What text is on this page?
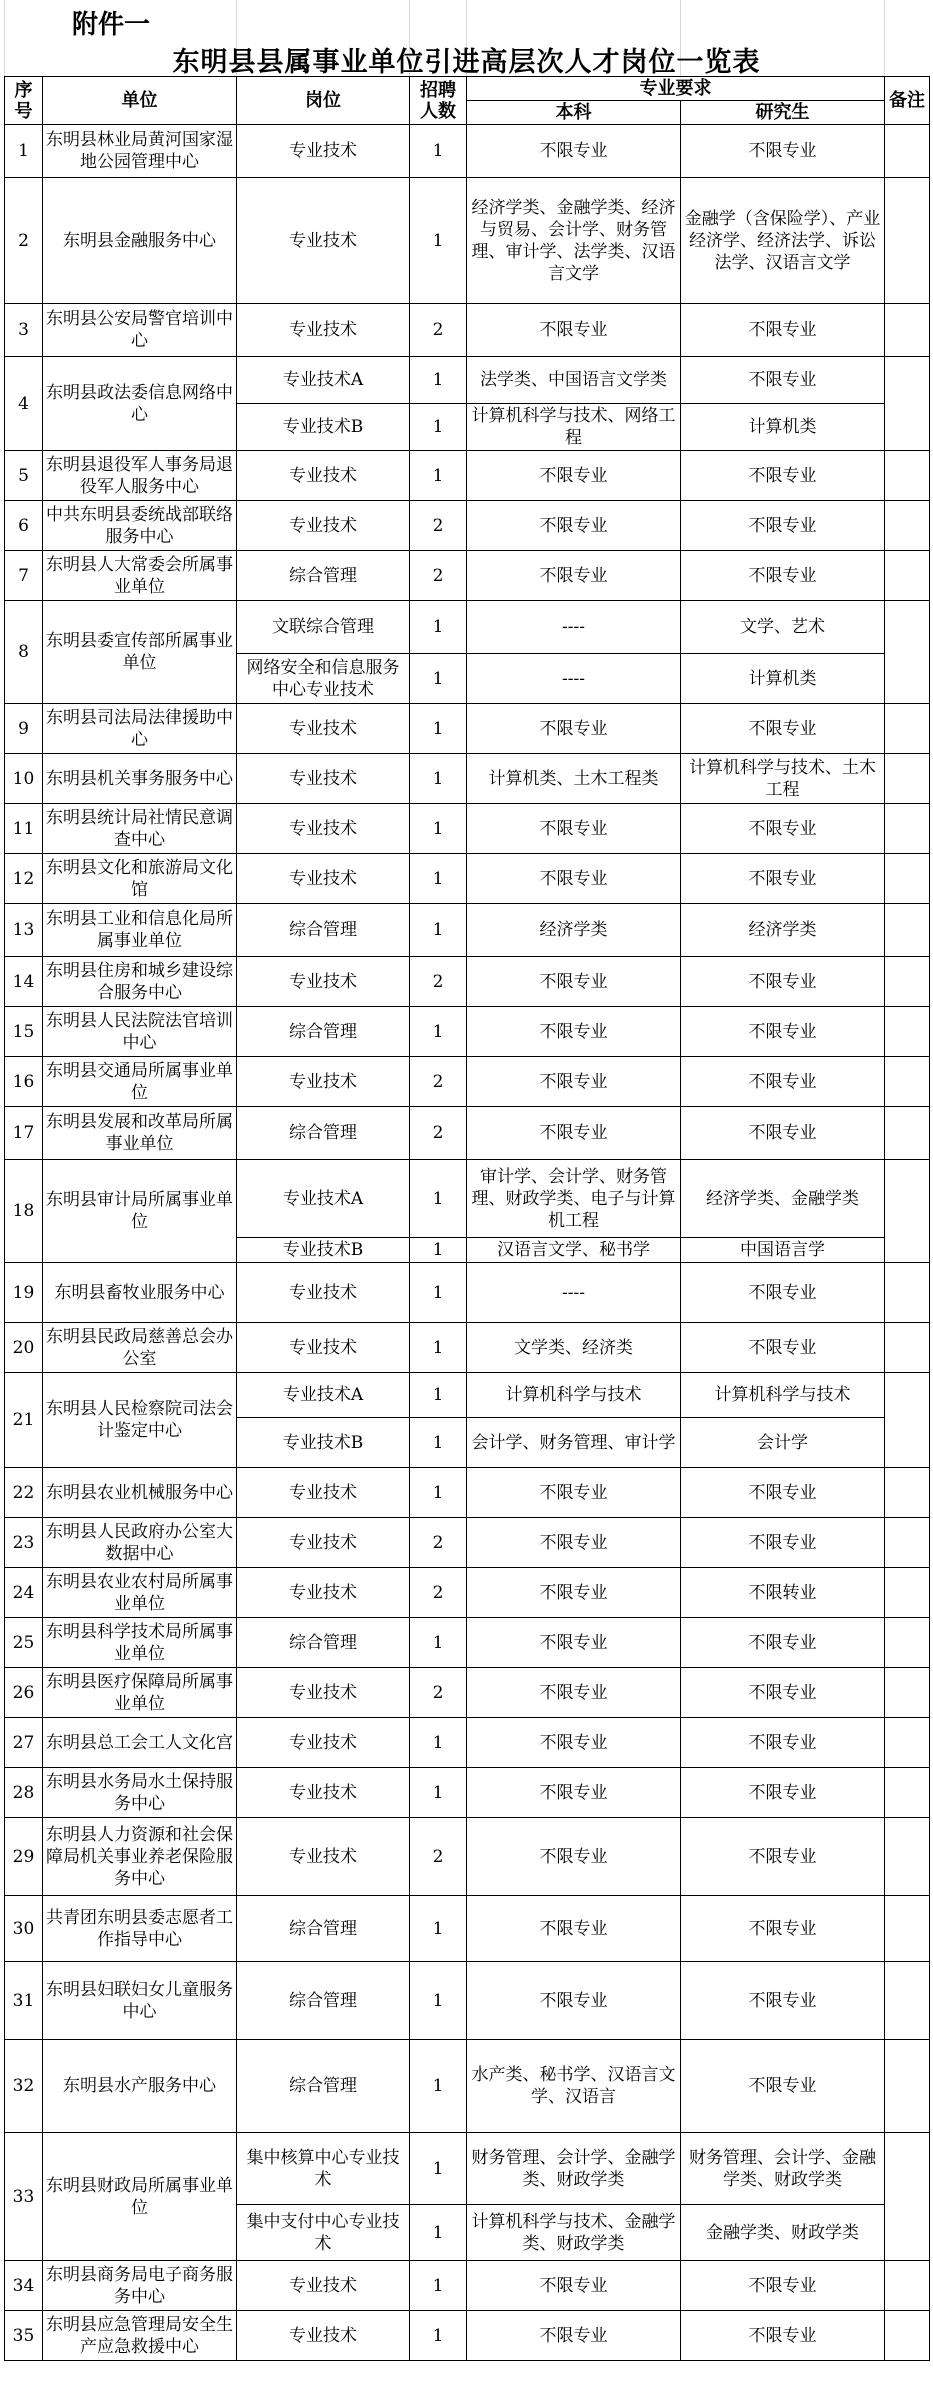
附件一
东明县县属事业单位引进高层次人才岗位一览表
序号	单位	岗位	招聘人数	专业要求		备注
				本科	研究生	
1	东明县林业局黄河国家湿地公园管理中心	专业技术	1	不限专业	不限专业	
2	东明县金融服务中心	专业技术	1	经济学类、金融学类、经济与贸易、会计学、财务管理、审计学、法学类、汉语言文学	金融学（含保险学）、产业经济学、经济法学、诉讼法学、汉语言文学	
3	东明县公安局警官培训中心	专业技术	2	不限专业	不限专业	
4	东明县政法委信息网络中心	专业技术A	1	法学类、中国语言文学类	不限专业	
		专业技术B	1	计算机科学与技术、网络工程	计算机类	
5	东明县退役军人事务局退役军人服务中心	专业技术	1	不限专业	不限专业	
6	中共东明县委统战部联络服务中心	专业技术	2	不限专业	不限专业	
7	东明县人大常委会所属事业单位	综合管理	2	不限专业	不限专业	
8	东明县委宣传部所属事业单位	文联综合管理	1	----	文学、艺术	
		网络安全和信息服务中心专业技术	1	----	计算机类	
9	东明县司法局法律援助中心	专业技术	1	不限专业	不限专业	
10	东明县机关事务服务中心	专业技术	1	计算机类、土木工程类	计算机科学与技术、土木工程	
11	东明县统计局社情民意调查中心	专业技术	1	不限专业	不限专业	
12	东明县文化和旅游局文化馆	专业技术	1	不限专业	不限专业	
13	东明县工业和信息化局所属事业单位	综合管理	1	经济学类	经济学类	
14	东明县住房和城乡建设综合服务中心	专业技术	2	不限专业	不限专业	
15	东明县人民法院法官培训中心	综合管理	1	不限专业	不限专业	
16	东明县交通局所属事业单位	专业技术	2	不限专业	不限专业	
17	东明县发展和改革局所属事业单位	综合管理	2	不限专业	不限专业	
18	东明县审计局所属事业单位	专业技术A	1	审计学、会计学、财务管理、财政学类、电子与计算机工程	经济学类、金融学类	
		专业技术B	1	汉语言文学、秘书学	中国语言学	
19	东明县畜牧业服务中心	专业技术	1	----	不限专业	
20	东明县民政局慈善总会办公室	专业技术	1	文学类、经济类	不限专业	
21	东明县人民检察院司法会计鉴定中心	专业技术A	1	计算机科学与技术	计算机科学与技术	
		专业技术B	1	会计学、财务管理、审计学	会计学	
22	东明县农业机械服务中心	专业技术	1	不限专业	不限专业	
23	东明县人民政府办公室大数据中心	专业技术	2	不限专业	不限专业	
24	东明县农业农村局所属事业单位	专业技术	2	不限专业	不限转业	
25	东明县科学技术局所属事业单位	综合管理	1	不限专业	不限专业	
26	东明县医疗保障局所属事业单位	专业技术	2	不限专业	不限专业	
27	东明县总工会工人文化宫	专业技术	1	不限专业	不限专业	
28	东明县水务局水土保持服务中心	专业技术	1	不限专业	不限专业	
29	东明县人力资源和社会保障局机关事业养老保险服务中心	专业技术	2	不限专业	不限专业	
30	共青团东明县委志愿者工作指导中心	综合管理	1	不限专业	不限专业	
31	东明县妇联妇女儿童服务中心	综合管理	1	不限专业	不限专业	
32	东明县水产服务中心	综合管理	1	水产类、秘书学、汉语言文学、汉语言	不限专业	
33	东明县财政局所属事业单位	集中核算中心专业技术	1	财务管理、会计学、金融学类、财政学类	财务管理、会计学、金融学类、财政学类	
		集中支付中心专业技术	1	计算机科学与技术、金融学类、财政学类	金融学类、财政学类	
34	东明县商务局电子商务服务中心	专业技术	1	不限专业	不限专业	
35	东明县应急管理局安全生产应急救援中心	专业技术	1	不限专业	不限专业	
